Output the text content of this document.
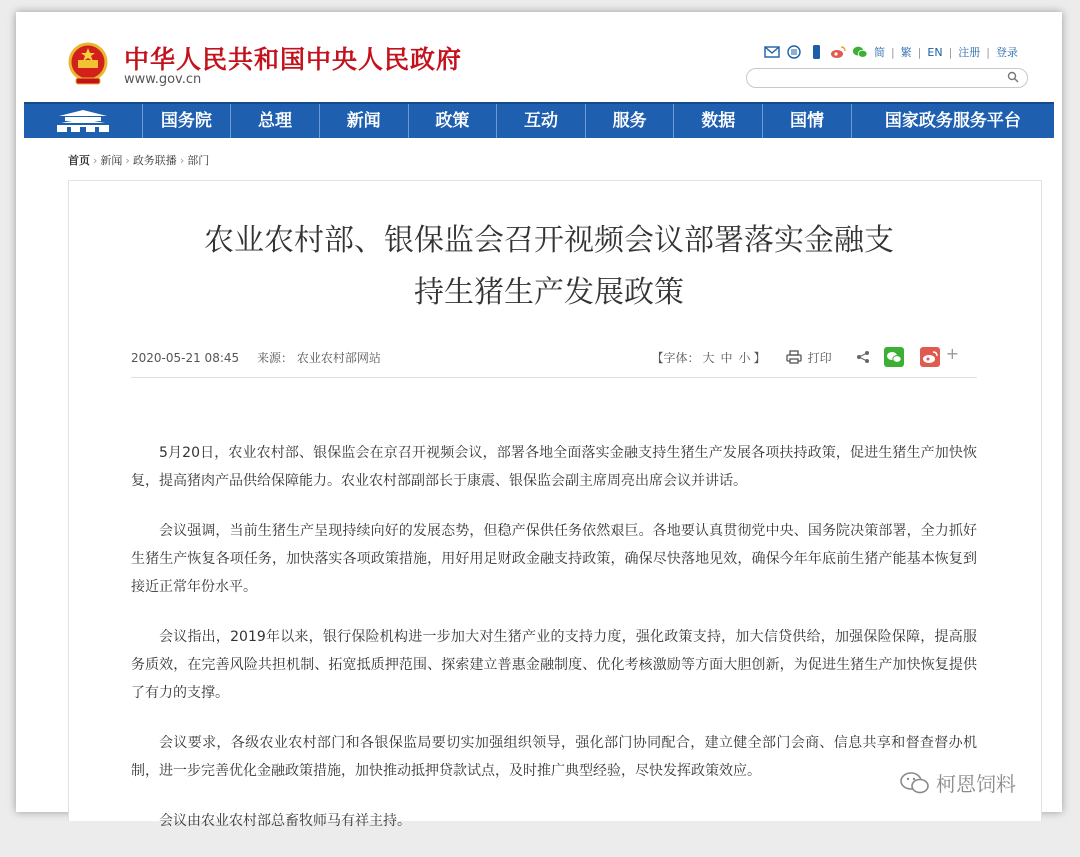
中华人民共和国中央人民政府
www.gov.cn
简 | 繁 | EN | 注册 | 登录
国务院	总理	新闻	政策	互动	服务	数据	国情	国家政务服务平台
首页 › 新闻 › 政务联播 › 部门
农业农村部、银保监会召开视频会议部署落实金融支
持生猪生产发展政策
2020-05-21 08:45 来源： 农业农村部网站	【字体： 大 中 小 】	打印	+

5月20日，农业农村部、银保监会在京召开视频会议，部署各地全面落实金融支持生猪生产发展各项扶持政策，促进生猪生产加快恢复，提高猪肉产品供给保障能力。农业农村部副部长于康震、银保监会副主席周亮出席会议并讲话。

会议强调，当前生猪生产呈现持续向好的发展态势，但稳产保供任务依然艰巨。各地要认真贯彻党中央、国务院决策部署，全力抓好生猪生产恢复各项任务，加快落实各项政策措施，用好用足财政金融支持政策，确保尽快落地见效，确保今年年底前生猪产能基本恢复到接近正常年份水平。

会议指出，2019年以来，银行保险机构进一步加大对生猪产业的支持力度，强化政策支持，加大信贷供给，加强保险保障，提高服务质效，在完善风险共担机制、拓宽抵质押范围、探索建立普惠金融制度、优化考核激励等方面大胆创新，为促进生猪生产加快恢复提供了有力的支撑。

会议要求，各级农业农村部门和各银保监局要切实加强组织领导，强化部门协同配合，建立健全部门会商、信息共享和督查督办机制，进一步完善优化金融政策措施，加快推动抵押贷款试点，及时推广典型经验，尽快发挥政策效应。

会议由农业农村部总畜牧师马有祥主持。

柯恩饲料
